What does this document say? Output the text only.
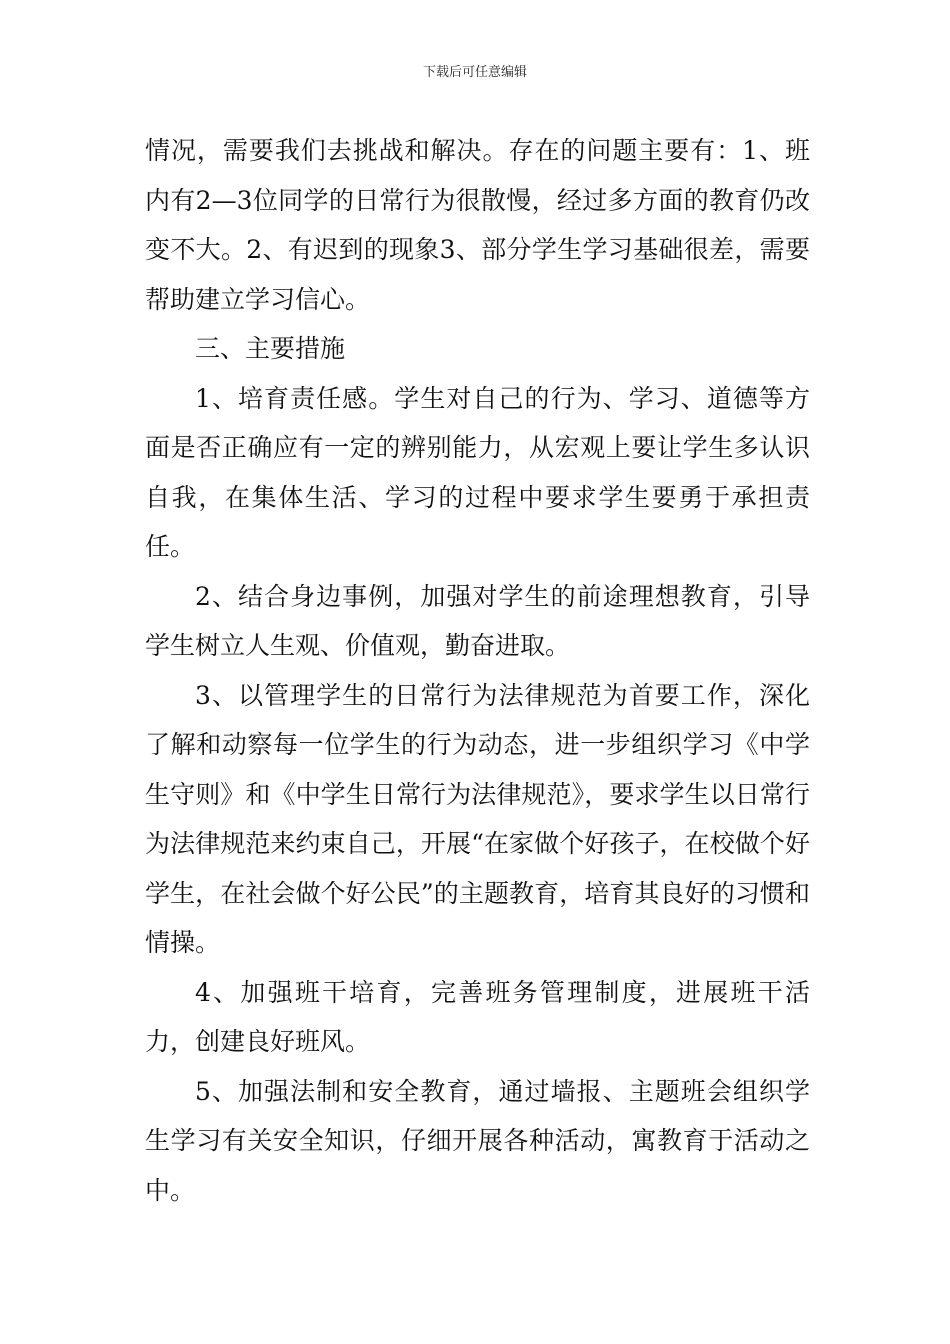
下载后可任意编辑

情况，需要我们去挑战和解决。存在的问题主要有：1、班内有2—3位同学的日常行为很散慢，经过多方面的教育仍改变不大。2、有迟到的现象3、部分学生学习基础很差，需要帮助建立学习信心。

三、主要措施

1、培育责任感。学生对自己的行为、学习、道德等方面是否正确应有一定的辨别能力，从宏观上要让学生多认识自我，在集体生活、学习的过程中要求学生要勇于承担责任。

2、结合身边事例，加强对学生的前途理想教育，引导学生树立人生观、价值观，勤奋进取。

3、以管理学生的日常行为法律规范为首要工作，深化了解和动察每一位学生的行为动态，进一步组织学习《中学生守则》和《中学生日常行为法律规范》，要求学生以日常行为法律规范来约束自己，开展“在家做个好孩子，在校做个好学生，在社会做个好公民”的主题教育，培育其良好的习惯和情操。

4、加强班干培育，完善班务管理制度，进展班干活力，创建良好班风。

5、加强法制和安全教育，通过墙报、主题班会组织学生学习有关安全知识，仔细开展各种活动，寓教育于活动之中。
